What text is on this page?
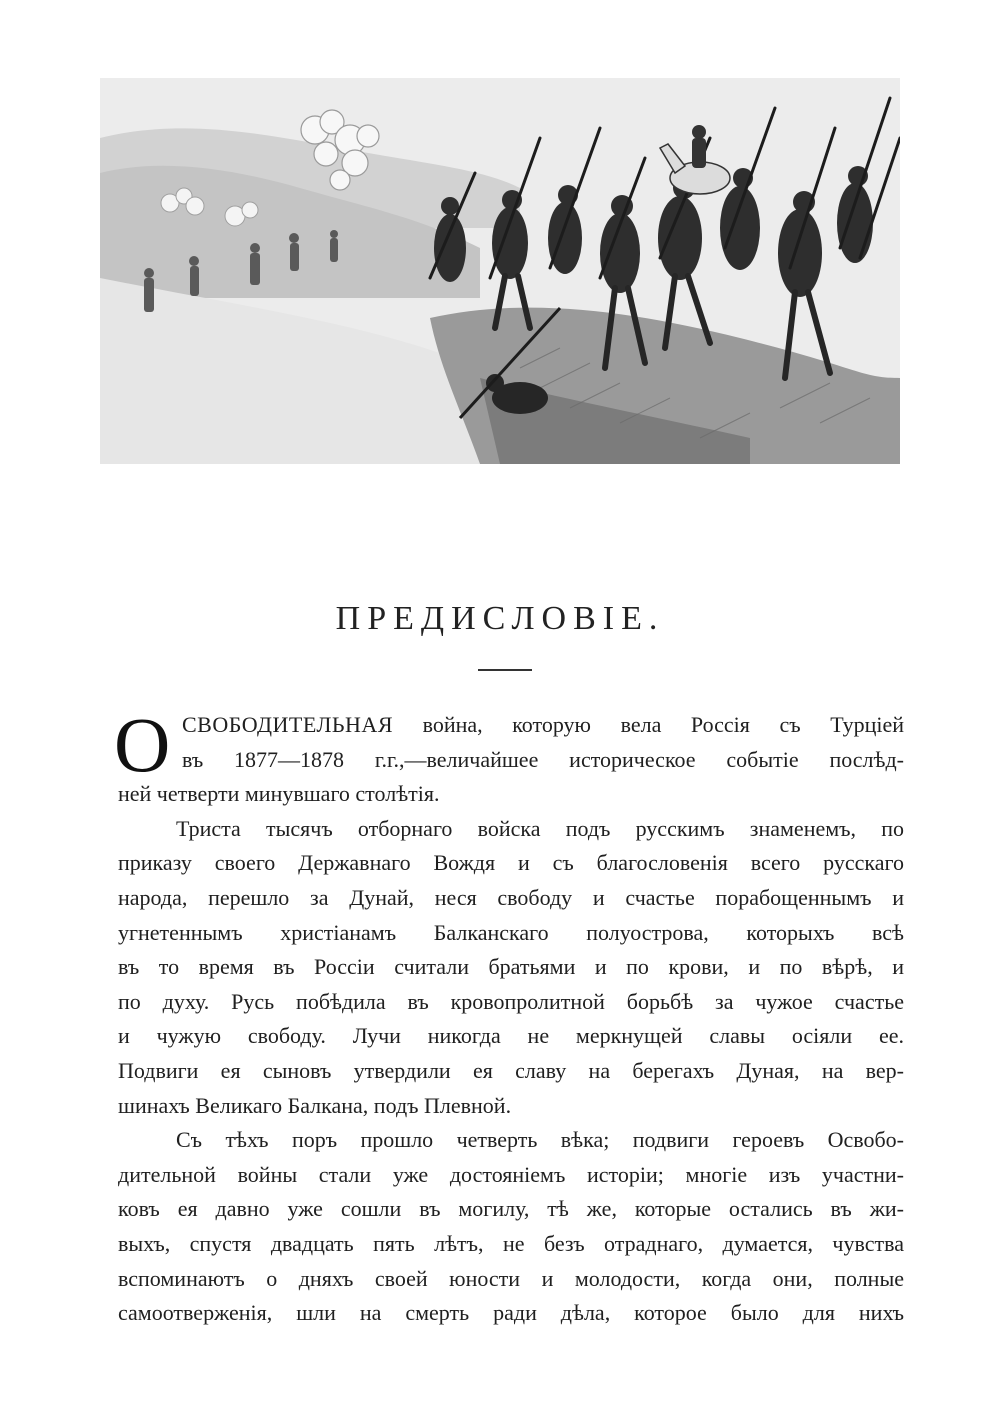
ПРЕДИСЛОВІЕ.
О СВОБОДИТЕЛЬНАЯ война, которую вела Россія съ Турціей
въ 1877—1878 г.г.,—величайшее историческое событіе послѣд-
ней четверти минувшаго столѣтія.
Триста тысячъ отборнаго войска подъ русскимъ знаменемъ, по
приказу своего Державнаго Вождя и съ благословенія всего русскаго
народа, перешло за Дунай, неся свободу и счастье порабощеннымъ и
угнетеннымъ христіанамъ Балканскаго полуострова, которыхъ всѣ
въ то время въ Россіи считали братьями и по крови, и по вѣрѣ, и
по духу. Русь побѣдила въ кровопролитной борьбѣ за чужое счастье
и чужую свободу. Лучи никогда не меркнущей славы осіяли ее.
Подвиги ея сыновъ утвердили ея славу на берегахъ Дуная, на вер-
шинахъ Великаго Балкана, подъ Плевной.
Съ тѣхъ поръ прошло четверть вѣка; подвиги героевъ Освобо-
дительной войны стали уже достояніемъ исторіи; многіе изъ участни-
ковъ ея давно уже сошли въ могилу, тѣ же, которые остались въ жи-
выхъ, спустя двадцать пять лѣтъ, не безъ отраднаго, думается, чувства
вспоминаютъ о дняхъ своей юности и молодости, когда они, полные
самоотверженія, шли на смерть ради дѣла, которое было для нихъ
